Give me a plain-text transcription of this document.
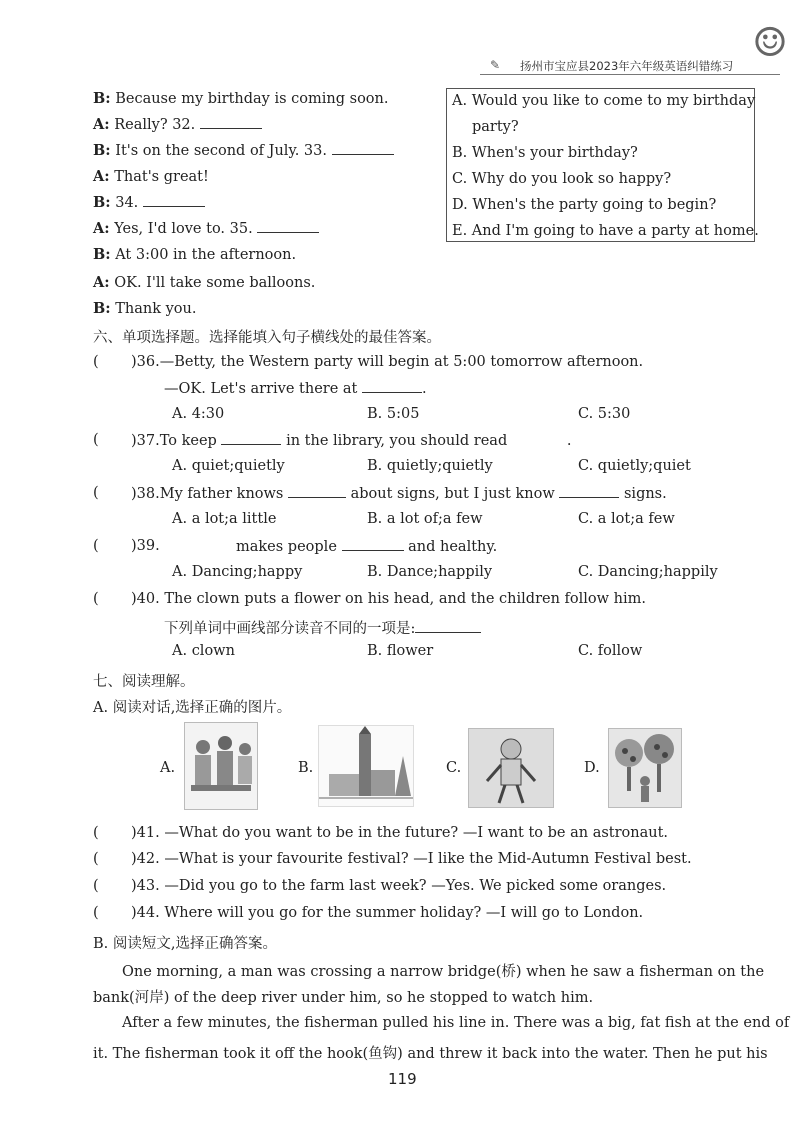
扬州市宝应县2023年六年级英语纠错练习
✎	☺
B: Because my birthday is coming soon.
A: Really? 32.
B: It's on the second of July. 33.
A: That's great!
B: 34.
A: Yes, I'd love to. 35.
B: At 3:00 in the afternoon.
A: OK. I'll take some balloons.
B: Thank you.
A. Would you like to come to my birthday
party?
B. When's your birthday?
C. Why do you look so happy?
D. When's the party going to begin?
E. And I'm going to have a party at home.
六、单项选择题。选择能填入句子横线处的最佳答案。
( )36.—Betty, the Western party will begin at 5:00 tomorrow afternoon.
—OK. Let's arrive there at	.
A. 4:30	B. 5:05	C. 5:30
( )37.To keep	in the library, you should read	.
A. quiet;quietly	B. quietly;quietly	C. quietly;quiet
( )38.My father knows	about signs, but I just know	signs.
A. a lot;a little	B. a lot of;a few	C. a lot;a few
( )39.	makes people	and healthy.
A. Dancing;happy	B. Dance;happily	C. Dancing;happily
( )40. The clown puts a flower on his head, and the children follow him.
下列单词中画线部分读音不同的一项是:
A. clown	B. flower	C. follow
七、阅读理解。
A. 阅读对话,选择正确的图片。
A.	B.	C.	D.
( )41. —What do you want to be in the future? —I want to be an astronaut.
( )42. —What is your favourite festival? —I like the Mid-Autumn Festival best.
( )43. —Did you go to the farm last week? —Yes. We picked some oranges.
( )44. Where will you go for the summer holiday? —I will go to London.
B. 阅读短文,选择正确答案。
One morning, a man was crossing a narrow bridge(桥) when he saw a fisherman on the
bank(河岸) of the deep river under him, so he stopped to watch him.
After a few minutes, the fisherman pulled his line in. There was a big, fat fish at the end of
it. The fisherman took it off the hook(鱼钩) and threw it back into the water. Then he put his
119
